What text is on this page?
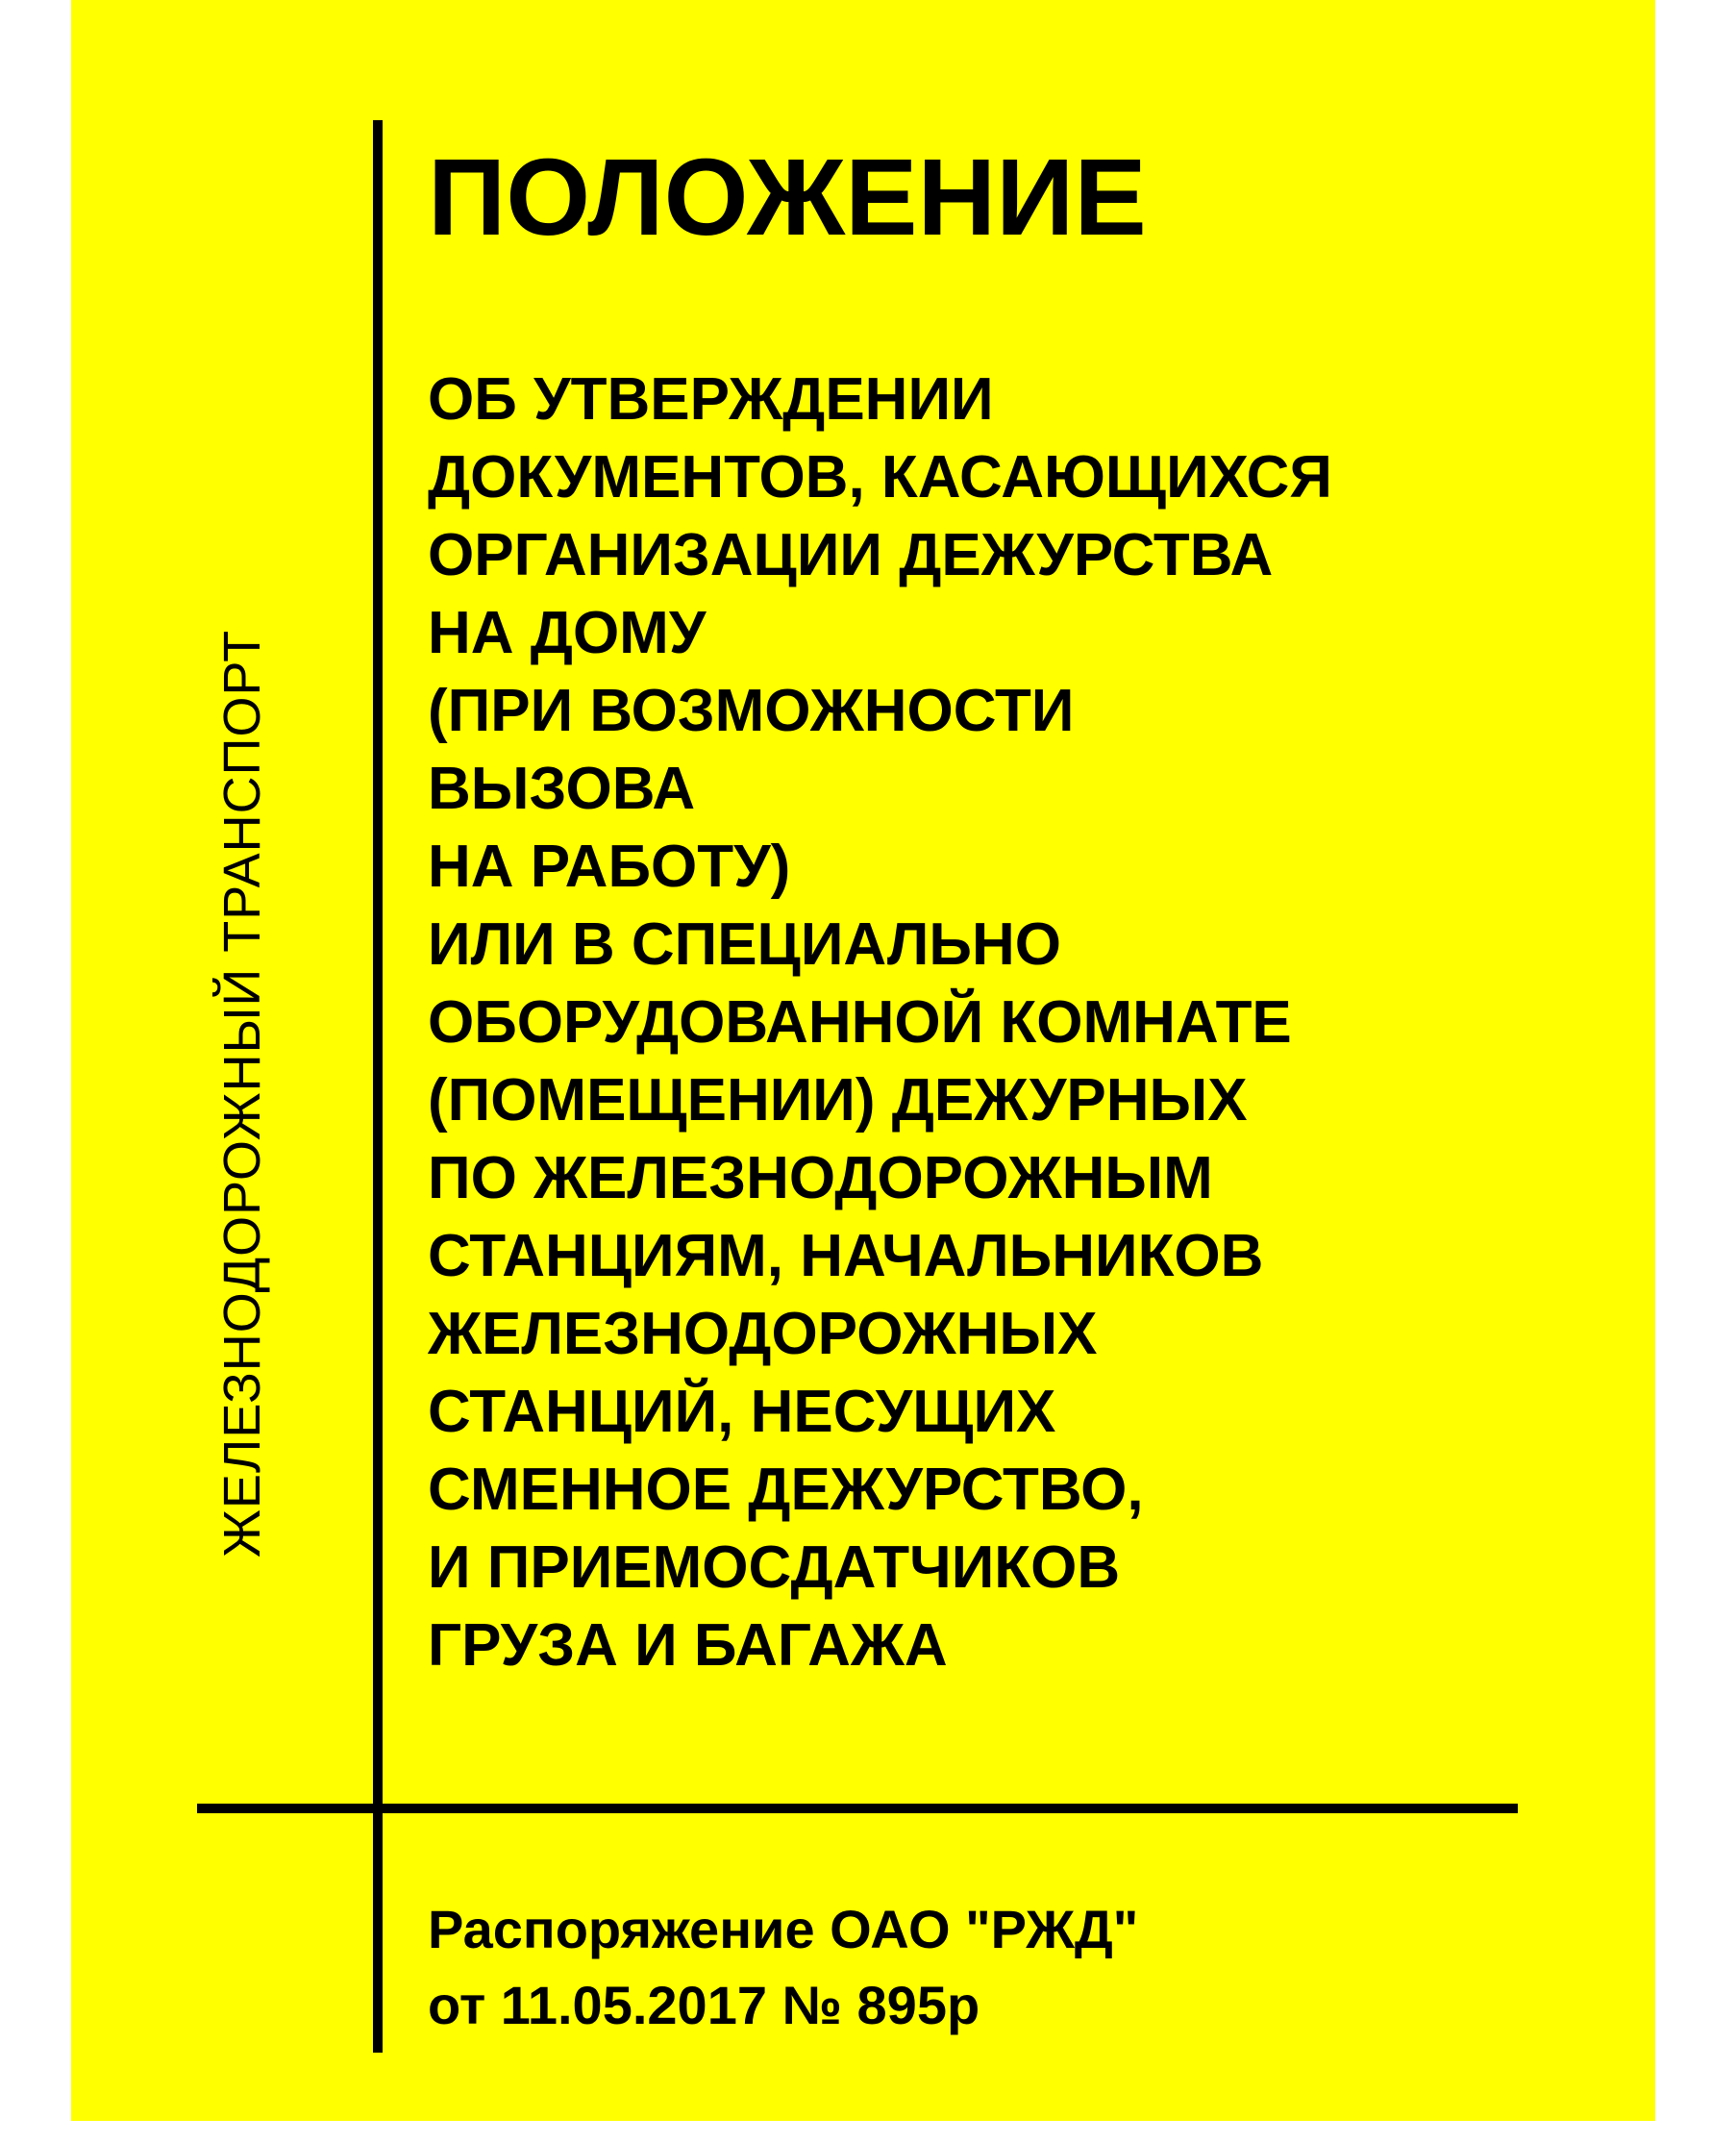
ЖЕЛЕЗНОДОРОЖНЫЙ ТРАНСПОРТ
ПОЛОЖЕНИЕ
ОБ УТВЕРЖДЕНИИ
ДОКУМЕНТОВ, КАСАЮЩИХСЯ
ОРГАНИЗАЦИИ ДЕЖУРСТВА
НА ДОМУ
(ПРИ ВОЗМОЖНОСТИ
ВЫЗОВА
НА РАБОТУ)
ИЛИ В СПЕЦИАЛЬНО
ОБОРУДОВАННОЙ КОМНАТЕ
(ПОМЕЩЕНИИ) ДЕЖУРНЫХ
ПО ЖЕЛЕЗНОДОРОЖНЫМ
СТАНЦИЯМ, НАЧАЛЬНИКОВ
ЖЕЛЕЗНОДОРОЖНЫХ
СТАНЦИЙ, НЕСУЩИХ
СМЕННОЕ ДЕЖУРСТВО,
И ПРИЕМОСДАТЧИКОВ
ГРУЗА И БАГАЖА
Распоряжение ОАО "РЖД"
от 11.05.2017 № 895р
